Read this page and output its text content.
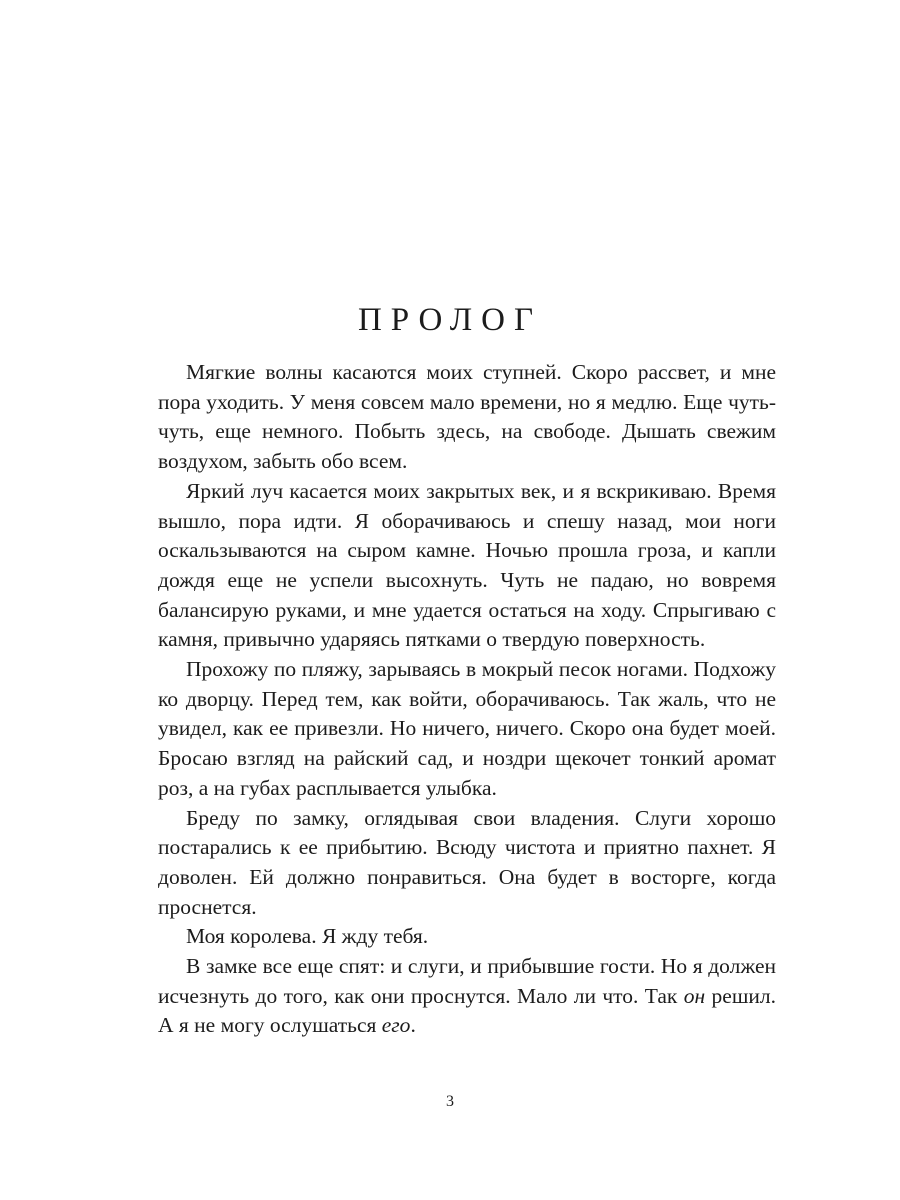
ПРОЛОГ

Мягкие волны касаются моих ступней. Скоро рассвет, и мне пора уходить. У меня совсем мало времени, но я медлю. Еще чуть-чуть, еще немного. Побыть здесь, на свободе. Дышать свежим воздухом, забыть обо всем.

Яркий луч касается моих закрытых век, и я вскрикиваю. Время вышло, пора идти. Я оборачиваюсь и спешу назад, мои ноги оскальзываются на сыром камне. Ночью прошла гроза, и капли дождя еще не успели высохнуть. Чуть не падаю, но вовремя балансирую руками, и мне удается остаться на ходу. Спрыгиваю с камня, привычно ударяясь пятками о твердую поверхность.

Прохожу по пляжу, зарываясь в мокрый песок ногами. Подхожу ко дворцу. Перед тем, как войти, оборачиваюсь. Так жаль, что не увидел, как ее привезли. Но ничего, ничего. Скоро она будет моей. Бросаю взгляд на райский сад, и ноздри щекочет тонкий аромат роз, а на губах расплывается улыбка.

Бреду по замку, оглядывая свои владения. Слуги хорошо постарались к ее прибытию. Всюду чистота и приятно пахнет. Я доволен. Ей должно понравиться. Она будет в восторге, когда проснется.

Моя королева. Я жду тебя.

В замке все еще спят: и слуги, и прибывшие гости. Но я должен исчезнуть до того, как они проснутся. Мало ли что. Так он решил. А я не могу ослушаться его.

3
